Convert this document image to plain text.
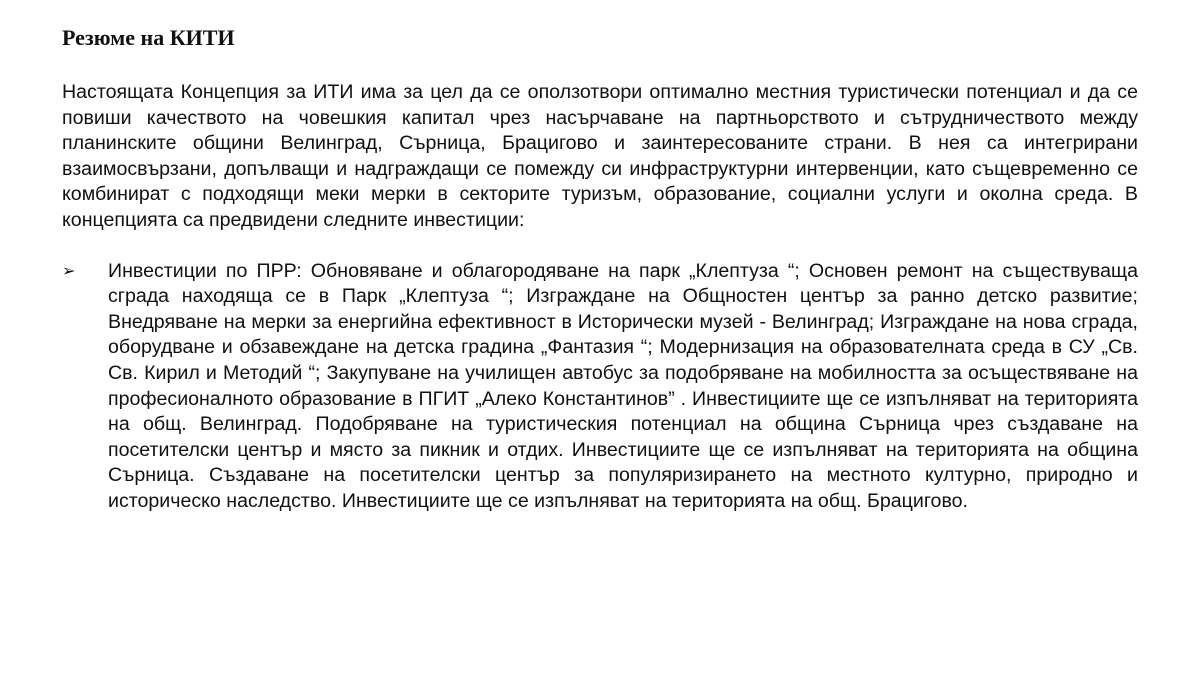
Резюме на КИТИ

Настоящата Концепция за ИТИ има за цел да се оползотвори оптимално местния туристически потенциал и да се повиши качеството на човешкия капитал чрез насърчаване на партньорството и сътрудничеството между планинските общини Велинград, Сърница, Брацигово и заинтересованите страни. В нея са интегрирани взаимосвързани, допълващи и надграждащи се помежду си инфраструктурни интервенции, като същевременно се комбинират с подходящи меки мерки в секторите туризъм, образование, социални услуги и околна среда. В концепцията са предвидени следните инвестиции:

➢	Инвестиции по ПРР: Обновяване и облагородяване на парк „Клептуза “; Основен ремонт на съществуваща сграда находяща се в Парк „Клептуза “; Изграждане на Общностен център за ранно детско развитие; Внедряване на мерки за енергийна ефективност в Исторически музей - Велинград; Изграждане на нова сграда, оборудване и обзавеждане на детска градина „Фантазия “; Модернизация на образователната среда в СУ „Св. Св. Кирил и Методий “; Закупуване на училищен автобус за подобряване на мобилността за осъществяване на професионалното образование в ПГИТ „Алеко Константинов” . Инвестициите ще се изпълняват на територията на общ. Велинград. Подобряване на туристическия потенциал на община Сърница чрез създаване на посетителски център и място за пикник и отдих. Инвестициите ще се изпълняват на територията на община Сърница. Създаване на посетителски център за популяризирането на местното културно, природно и историческо наследство. Инвестициите ще се изпълняват на територията на общ. Брацигово.
